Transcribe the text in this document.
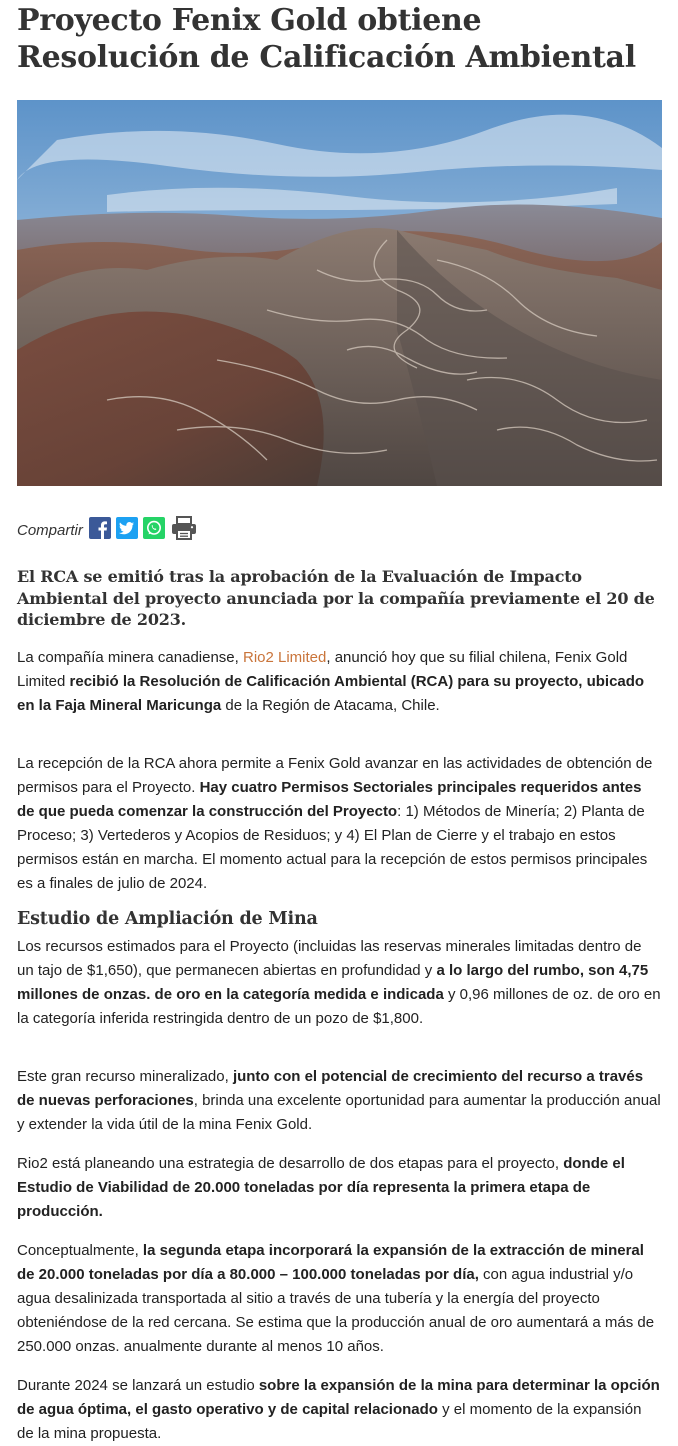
Proyecto Fenix Gold obtiene Resolución de Calificación Ambiental
Compartir
El RCA se emitió tras la aprobación de la Evaluación de Impacto Ambiental del proyecto anunciada por la compañía previamente el 20 de diciembre de 2023.

La compañía minera canadiense, Rio2 Limited, anunció hoy que su filial chilena, Fenix Gold Limited recibió la Resolución de Calificación Ambiental (RCA) para su proyecto, ubicado en la Faja Mineral Maricunga de la Región de Atacama, Chile.

La recepción de la RCA ahora permite a Fenix Gold avanzar en las actividades de obtención de permisos para el Proyecto. Hay cuatro Permisos Sectoriales principales requeridos antes de que pueda comenzar la construcción del Proyecto: 1) Métodos de Minería; 2) Planta de Proceso; 3) Vertederos y Acopios de Residuos; y 4) El Plan de Cierre y el trabajo en estos permisos están en marcha. El momento actual para la recepción de estos permisos principales es a finales de julio de 2024.

Estudio de Ampliación de Mina

Los recursos estimados para el Proyecto (incluidas las reservas minerales limitadas dentro de un tajo de $1,650), que permanecen abiertas en profundidad y a lo largo del rumbo, son 4,75 millones de onzas. de oro en la categoría medida e indicada y 0,96 millones de oz. de oro en la categoría inferida restringida dentro de un pozo de $1,800.

Este gran recurso mineralizado, junto con el potencial de crecimiento del recurso a través de nuevas perforaciones, brinda una excelente oportunidad para aumentar la producción anual y extender la vida útil de la mina Fenix Gold.

Rio2 está planeando una estrategia de desarrollo de dos etapas para el proyecto, donde el Estudio de Viabilidad de 20.000 toneladas por día representa la primera etapa de producción.

Conceptualmente, la segunda etapa incorporará la expansión de la extracción de mineral de 20.000 toneladas por día a 80.000 – 100.000 toneladas por día, con agua industrial y/o agua desalinizada transportada al sitio a través de una tubería y la energía del proyecto obteniéndose de la red cercana. Se estima que la producción anual de oro aumentará a más de 250.000 onzas. anualmente durante al menos 10 años.

Durante 2024 se lanzará un estudio sobre la expansión de la mina para determinar la opción de agua óptima, el gasto operativo y de capital relacionado y el momento de la expansión de la mina propuesta.
